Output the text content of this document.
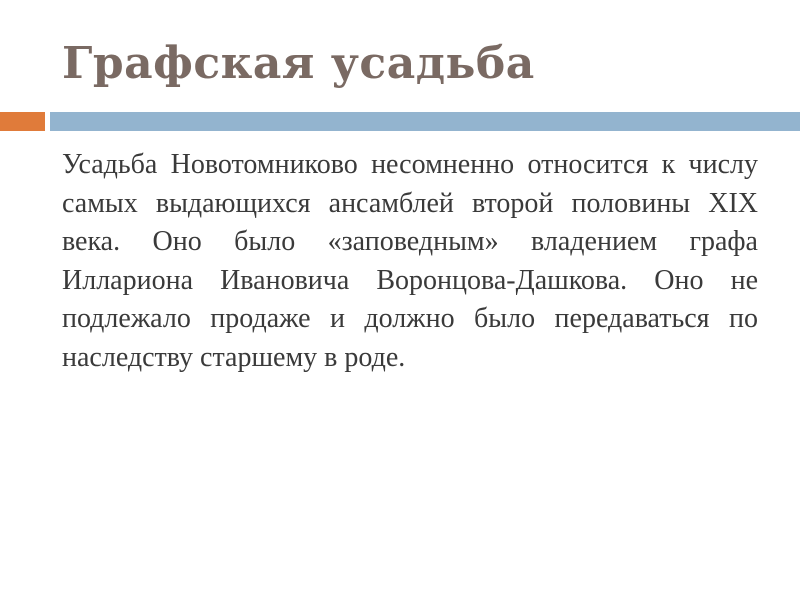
Графская усадьба

Усадьба Новотомниково несомненно относится к числу самых выдающихся ансамблей второй половины XIX века. Оно было «заповедным» владением графа Иллариона Ивановича Воронцова-Дашкова. Оно не подлежало продаже и должно было передаваться по наследству старшему в роде.
